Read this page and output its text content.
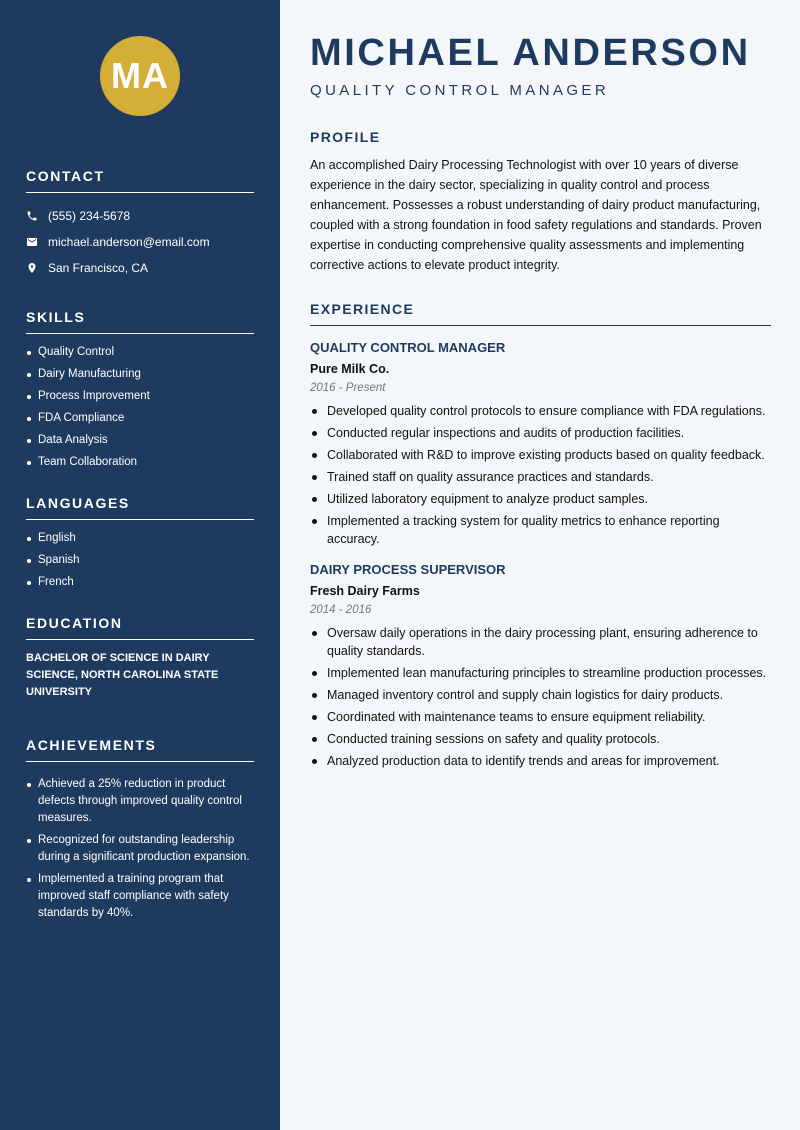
MA
CONTACT
(555) 234-5678
michael.anderson@email.com
San Francisco, CA
SKILLS
Quality Control
Dairy Manufacturing
Process Improvement
FDA Compliance
Data Analysis
Team Collaboration
LANGUAGES
English
Spanish
French
EDUCATION
BACHELOR OF SCIENCE IN DAIRY SCIENCE, NORTH CAROLINA STATE UNIVERSITY
ACHIEVEMENTS
Achieved a 25% reduction in product defects through improved quality control measures.
Recognized for outstanding leadership during a significant production expansion.
Implemented a training program that improved staff compliance with safety standards by 40%.
MICHAEL ANDERSON
QUALITY CONTROL MANAGER
PROFILE
An accomplished Dairy Processing Technologist with over 10 years of diverse experience in the dairy sector, specializing in quality control and process enhancement. Possesses a robust understanding of dairy product manufacturing, coupled with a strong foundation in food safety regulations and standards. Proven expertise in conducting comprehensive quality assessments and implementing corrective actions to elevate product integrity.
EXPERIENCE
QUALITY CONTROL MANAGER
Pure Milk Co.
2016 - Present
Developed quality control protocols to ensure compliance with FDA regulations.
Conducted regular inspections and audits of production facilities.
Collaborated with R&D to improve existing products based on quality feedback.
Trained staff on quality assurance practices and standards.
Utilized laboratory equipment to analyze product samples.
Implemented a tracking system for quality metrics to enhance reporting accuracy.
DAIRY PROCESS SUPERVISOR
Fresh Dairy Farms
2014 - 2016
Oversaw daily operations in the dairy processing plant, ensuring adherence to quality standards.
Implemented lean manufacturing principles to streamline production processes.
Managed inventory control and supply chain logistics for dairy products.
Coordinated with maintenance teams to ensure equipment reliability.
Conducted training sessions on safety and quality protocols.
Analyzed production data to identify trends and areas for improvement.
